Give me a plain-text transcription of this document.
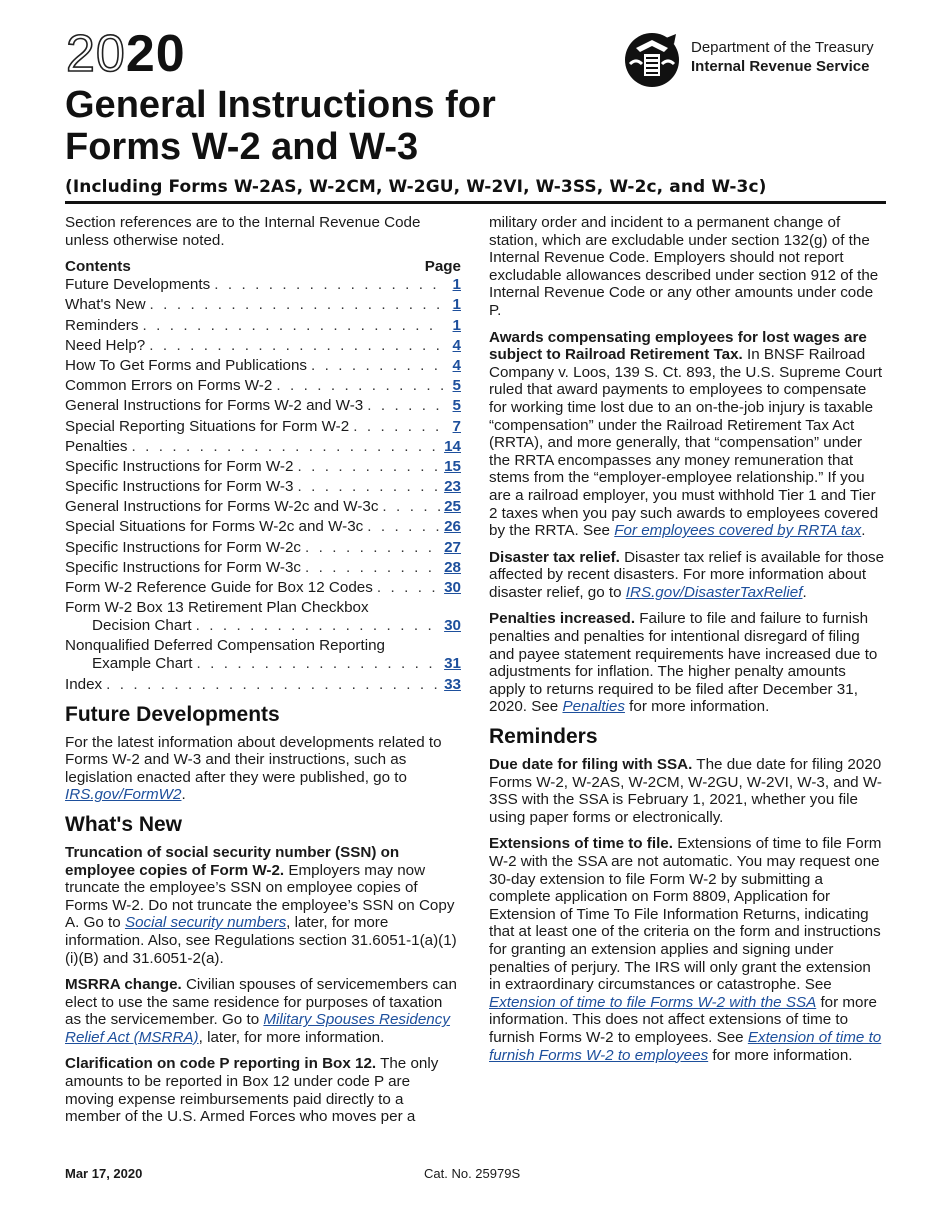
2020	Department of the Treasury
Internal Revenue Service
General Instructions for
Forms W-2 and W-3
(Including Forms W-2AS, W-2CM, W-2GU, W-2VI, W-3SS, W-2c, and W-3c)

Section references are to the Internal Revenue Code unless otherwise noted.

Contents	Page
Future Developments . . .	1
What's New . . .	1
Reminders . . .	1
Need Help? . . .	4
How To Get Forms and Publications . . .	4
Common Errors on Forms W-2 . . .	5
General Instructions for Forms W-2 and W-3 . . .	5
Special Reporting Situations for Form W-2 . . .	7
Penalties . . .	14
Specific Instructions for Form W-2 . . .	15
Specific Instructions for Form W-3 . . .	23
General Instructions for Forms W-2c and W-3c . . .	25
Special Situations for Forms W-2c and W-3c . . .	26
Specific Instructions for Form W-2c . . .	27
Specific Instructions for Form W-3c . . .	28
Form W-2 Reference Guide for Box 12 Codes . . .	30
Form W-2 Box 13 Retirement Plan Checkbox
Decision Chart . . .	30
Nonqualified Deferred Compensation Reporting
Example Chart . . .	31
Index . . .	33
Future Developments

For the latest information about developments related to Forms W-2 and W-3 and their instructions, such as legislation enacted after they were published, go to IRS.gov/FormW2.

What's New

Truncation of social security number (SSN) on employee copies of Form W-2. Employers may now truncate the employee’s SSN on employee copies of Forms W-2. Do not truncate the employee’s SSN on Copy A. Go to Social security numbers, later, for more information. Also, see Regulations section 31.6051-1(a)(1)(i)(B) and 31.6051-2(a).

MSRRA change. Civilian spouses of servicemembers can elect to use the same residence for purposes of taxation as the servicemember. Go to Military Spouses Residency Relief Act (MSRRA), later, for more information.

Clarification on code P reporting in Box 12. The only amounts to be reported in Box 12 under code P are moving expense reimbursements paid directly to a member of the U.S. Armed Forces who moves per a

military order and incident to a permanent change of station, which are excludable under section 132(g) of the Internal Revenue Code. Employers should not report excludable allowances described under section 912 of the Internal Revenue Code or any other amounts under code P.

Awards compensating employees for lost wages are subject to Railroad Retirement Tax. In BNSF Railroad Company v. Loos, 139 S. Ct. 893, the U.S. Supreme Court ruled that award payments to employees to compensate for working time lost due to an on-the-job injury is taxable “compensation” under the Railroad Retirement Tax Act (RRTA), and more generally, that “compensation” under the RRTA encompasses any money remuneration that stems from the “employer-employee relationship.” If you are a railroad employer, you must withhold Tier 1 and Tier 2 taxes when you pay such awards to employees covered by the RRTA. See For employees covered by RRTA tax.

Disaster tax relief. Disaster tax relief is available for those affected by recent disasters. For more information about disaster relief, go to IRS.gov/DisasterTaxRelief.

Penalties increased. Failure to file and failure to furnish penalties and penalties for intentional disregard of filing and payee statement requirements have increased due to adjustments for inflation. The higher penalty amounts apply to returns required to be filed after December 31, 2020. See Penalties for more information.

Reminders

Due date for filing with SSA. The due date for filing 2020 Forms W-2, W-2AS, W-2CM, W-2GU, W-2VI, W-3, and W-3SS with the SSA is February 1, 2021, whether you file using paper forms or electronically.

Extensions of time to file. Extensions of time to file Form W-2 with the SSA are not automatic. You may request one 30-day extension to file Form W-2 by submitting a complete application on Form 8809, Application for Extension of Time To File Information Returns, indicating that at least one of the criteria on the form and instructions for granting an extension applies and signing under penalties of perjury. The IRS will only grant the extension in extraordinary circumstances or catastrophe. See Extension of time to file Forms W-2 with the SSA for more information. This does not affect extensions of time to furnish Forms W-2 to employees. See Extension of time to furnish Forms W-2 to employees for more information.

Mar 17, 2020	Cat. No. 25979S
